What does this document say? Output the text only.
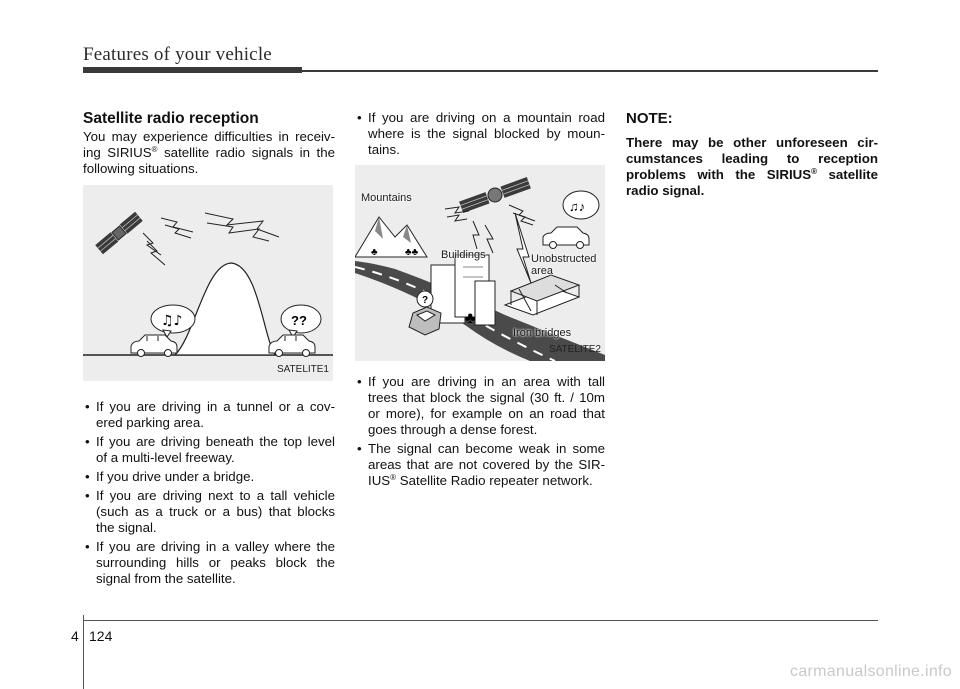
Features of your vehicle
Satellite radio reception

You may experience difficulties in receiv-ing SIRIUS® satellite radio signals in the following situations.

♫♪	??
SATELITE1
• If you are driving in a tunnel or a cov-ered parking area.
• If you are driving beneath the top level of a multi-level freeway.
• If you drive under a bridge.
• If you are driving next to a tall vehicle (such as a truck or a bus) that blocks the signal.
• If you are driving in a valley where the surrounding hills or peaks block the signal from the satellite.
• If you are driving on a mountain road where is the signal blocked by moun-tains.
♣	♣♣
♣
?
♫♪
Mountains
Buildings	Unobstructed
area
Iron bridges
SATELITE2
• If you are driving in an area with tall trees that block the signal (30 ft. / 10m or more), for example on an road that goes through a dense forest.
• The signal can become weak in some areas that are not covered by the SIR-IUS® Satellite Radio repeater network.
NOTE:

There may be other unforeseen cir-cumstances leading to reception problems with the SIRIUS® satellite radio signal.

4 124
carmanualsonline.info
